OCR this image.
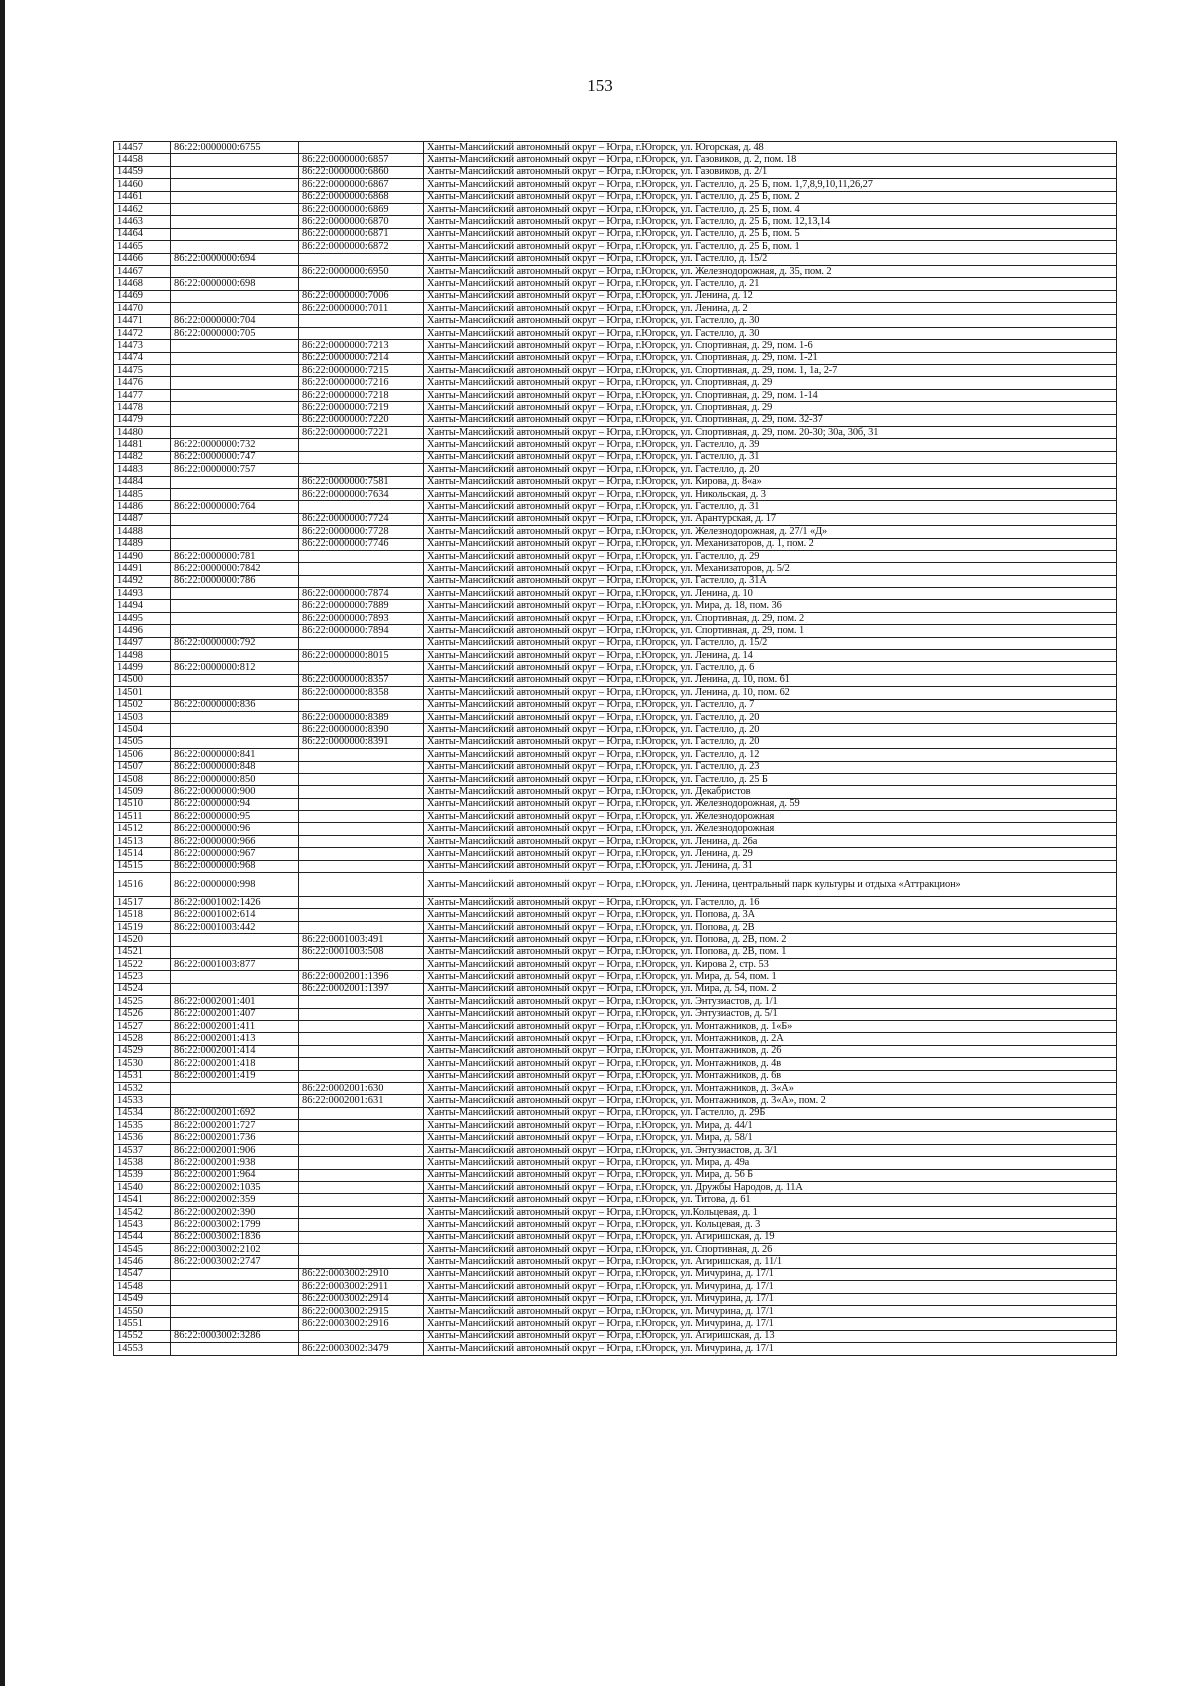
153
14457	86:22:0000000:6755		Ханты-Мансийский автономный округ – Югра, г.Югорск, ул. Югорская, д. 48
14458		86:22:0000000:6857	Ханты-Мансийский автономный округ – Югра, г.Югорск, ул. Газовиков, д. 2, пом. 18
14459		86:22:0000000:6860	Ханты-Мансийский автономный округ – Югра, г.Югорск, ул. Газовиков, д. 2/1
14460		86:22:0000000:6867	Ханты-Мансийский автономный округ – Югра, г.Югорск, ул. Гастелло, д. 25 Б, пом. 1,7,8,9,10,11,26,27
14461		86:22:0000000:6868	Ханты-Мансийский автономный округ – Югра, г.Югорск, ул. Гастелло, д. 25 Б, пом. 2
14462		86:22:0000000:6869	Ханты-Мансийский автономный округ – Югра, г.Югорск, ул. Гастелло, д. 25 Б, пом. 4
14463		86:22:0000000:6870	Ханты-Мансийский автономный округ – Югра, г.Югорск, ул. Гастелло, д. 25 Б, пом. 12,13,14
14464		86:22:0000000:6871	Ханты-Мансийский автономный округ – Югра, г.Югорск, ул. Гастелло, д. 25 Б, пом. 5
14465		86:22:0000000:6872	Ханты-Мансийский автономный округ – Югра, г.Югорск, ул. Гастелло, д. 25 Б, пом. 1
14466	86:22:0000000:694		Ханты-Мансийский автономный округ – Югра, г.Югорск, ул. Гастелло, д. 15/2
14467		86:22:0000000:6950	Ханты-Мансийский автономный округ – Югра, г.Югорск, ул. Железнодорожная, д. 35, пом. 2
14468	86:22:0000000:698		Ханты-Мансийский автономный округ – Югра, г.Югорск, ул. Гастелло, д. 21
14469		86:22:0000000:7006	Ханты-Мансийский автономный округ – Югра, г.Югорск, ул. Ленина, д. 12
14470		86:22:0000000:7011	Ханты-Мансийский автономный округ – Югра, г.Югорск, ул. Ленина, д. 2
14471	86:22:0000000:704		Ханты-Мансийский автономный округ – Югра, г.Югорск, ул. Гастелло, д. 30
14472	86:22:0000000:705		Ханты-Мансийский автономный округ – Югра, г.Югорск, ул. Гастелло, д. 30
14473		86:22:0000000:7213	Ханты-Мансийский автономный округ – Югра, г.Югорск, ул. Спортивная, д. 29, пом. 1-6
14474		86:22:0000000:7214	Ханты-Мансийский автономный округ – Югра, г.Югорск, ул. Спортивная, д. 29, пом. 1-21
14475		86:22:0000000:7215	Ханты-Мансийский автономный округ – Югра, г.Югорск, ул. Спортивная, д. 29, пом. 1, 1а, 2-7
14476		86:22:0000000:7216	Ханты-Мансийский автономный округ – Югра, г.Югорск, ул. Спортивная, д. 29
14477		86:22:0000000:7218	Ханты-Мансийский автономный округ – Югра, г.Югорск, ул. Спортивная, д. 29, пом. 1-14
14478		86:22:0000000:7219	Ханты-Мансийский автономный округ – Югра, г.Югорск, ул. Спортивная, д. 29
14479		86:22:0000000:7220	Ханты-Мансийский автономный округ – Югра, г.Югорск, ул. Спортивная, д. 29, пом. 32-37
14480		86:22:0000000:7221	Ханты-Мансийский автономный округ – Югра, г.Югорск, ул. Спортивная, д. 29, пом. 20-30; 30а, 30б, 31
14481	86:22:0000000:732		Ханты-Мансийский автономный округ – Югра, г.Югорск, ул. Гастелло, д. 39
14482	86:22:0000000:747		Ханты-Мансийский автономный округ – Югра, г.Югорск, ул. Гастелло, д. 31
14483	86:22:0000000:757		Ханты-Мансийский автономный округ – Югра, г.Югорск, ул. Гастелло, д. 20
14484		86:22:0000000:7581	Ханты-Мансийский автономный округ – Югра, г.Югорск, ул. Кирова, д. 8«а»
14485		86:22:0000000:7634	Ханты-Мансийский автономный округ – Югра, г.Югорск, ул. Никольская, д. 3
14486	86:22:0000000:764		Ханты-Мансийский автономный округ – Югра, г.Югорск, ул. Гастелло, д. 31
14487		86:22:0000000:7724	Ханты-Мансийский автономный округ – Югра, г.Югорск, ул. Арантурская, д. 17
14488		86:22:0000000:7728	Ханты-Мансийский автономный округ – Югра, г.Югорск, ул. Железнодорожная, д. 27/1 «Д»
14489		86:22:0000000:7746	Ханты-Мансийский автономный округ – Югра, г.Югорск, ул. Механизаторов, д. 1, пом. 2
14490	86:22:0000000:781		Ханты-Мансийский автономный округ – Югра, г.Югорск, ул. Гастелло, д. 29
14491	86:22:0000000:7842		Ханты-Мансийский автономный округ – Югра, г.Югорск, ул. Механизаторов, д. 5/2
14492	86:22:0000000:786		Ханты-Мансийский автономный округ – Югра, г.Югорск, ул. Гастелло, д. 31А
14493		86:22:0000000:7874	Ханты-Мансийский автономный округ – Югра, г.Югорск, ул. Ленина, д. 10
14494		86:22:0000000:7889	Ханты-Мансийский автономный округ – Югра, г.Югорск, ул. Мира, д. 18, пом. 36
14495		86:22:0000000:7893	Ханты-Мансийский автономный округ – Югра, г.Югорск, ул. Спортивная, д. 29, пом. 2
14496		86:22:0000000:7894	Ханты-Мансийский автономный округ – Югра, г.Югорск, ул. Спортивная, д. 29, пом. 1
14497	86:22:0000000:792		Ханты-Мансийский автономный округ – Югра, г.Югорск, ул. Гастелло, д. 15/2
14498		86:22:0000000:8015	Ханты-Мансийский автономный округ – Югра, г.Югорск, ул. Ленина, д. 14
14499	86:22:0000000:812		Ханты-Мансийский автономный округ – Югра, г.Югорск, ул. Гастелло, д. 6
14500		86:22:0000000:8357	Ханты-Мансийский автономный округ – Югра, г.Югорск, ул. Ленина, д. 10, пом. 61
14501		86:22:0000000:8358	Ханты-Мансийский автономный округ – Югра, г.Югорск, ул. Ленина, д. 10, пом. 62
14502	86:22:0000000:836		Ханты-Мансийский автономный округ – Югра, г.Югорск, ул. Гастелло, д. 7
14503		86:22:0000000:8389	Ханты-Мансийский автономный округ – Югра, г.Югорск, ул. Гастелло, д. 20
14504		86:22:0000000:8390	Ханты-Мансийский автономный округ – Югра, г.Югорск, ул. Гастелло, д. 20
14505		86:22:0000000:8391	Ханты-Мансийский автономный округ – Югра, г.Югорск, ул. Гастелло, д. 20
14506	86:22:0000000:841		Ханты-Мансийский автономный округ – Югра, г.Югорск, ул. Гастелло, д. 12
14507	86:22:0000000:848		Ханты-Мансийский автономный округ – Югра, г.Югорск, ул. Гастелло, д. 23
14508	86:22:0000000:850		Ханты-Мансийский автономный округ – Югра, г.Югорск, ул. Гастелло, д. 25 Б
14509	86:22:0000000:900		Ханты-Мансийский автономный округ – Югра, г.Югорск, ул. Декабристов
14510	86:22:0000000:94		Ханты-Мансийский автономный округ – Югра, г.Югорск, ул. Железнодорожная, д. 59
14511	86:22:0000000:95		Ханты-Мансийский автономный округ – Югра, г.Югорск, ул. Железнодорожная
14512	86:22:0000000:96		Ханты-Мансийский автономный округ – Югра, г.Югорск, ул. Железнодорожная
14513	86:22:0000000:966		Ханты-Мансийский автономный округ – Югра, г.Югорск, ул. Ленина, д. 26а
14514	86:22:0000000:967		Ханты-Мансийский автономный округ – Югра, г.Югорск, ул. Ленина, д. 29
14515	86:22:0000000:968		Ханты-Мансийский автономный округ – Югра, г.Югорск, ул. Ленина, д. 31
14516	86:22:0000000:998		Ханты-Мансийский автономный округ – Югра, г.Югорск, ул. Ленина, центральный парк культуры и отдыха «Аттракцион»
14517	86:22:0001002:1426		Ханты-Мансийский автономный округ – Югра, г.Югорск, ул. Гастелло, д. 16
14518	86:22:0001002:614		Ханты-Мансийский автономный округ – Югра, г.Югорск, ул. Попова, д. 3А
14519	86:22:0001003:442		Ханты-Мансийский автономный округ – Югра, г.Югорск, ул. Попова, д. 2В
14520		86:22:0001003:491	Ханты-Мансийский автономный округ – Югра, г.Югорск, ул. Попова, д. 2В, пом. 2
14521		86:22:0001003:508	Ханты-Мансийский автономный округ – Югра, г.Югорск, ул. Попова, д. 2В, пом. 1
14522	86:22:0001003:877		Ханты-Мансийский автономный округ – Югра, г.Югорск, ул. Кирова 2, стр. 53
14523		86:22:0002001:1396	Ханты-Мансийский автономный округ – Югра, г.Югорск, ул. Мира, д. 54, пом. 1
14524		86:22:0002001:1397	Ханты-Мансийский автономный округ – Югра, г.Югорск, ул. Мира, д. 54, пом. 2
14525	86:22:0002001:401		Ханты-Мансийский автономный округ – Югра, г.Югорск, ул. Энтузиастов, д. 1/1
14526	86:22:0002001:407		Ханты-Мансийский автономный округ – Югра, г.Югорск, ул. Энтузиастов, д. 5/1
14527	86:22:0002001:411		Ханты-Мансийский автономный округ – Югра, г.Югорск, ул. Монтажников, д. 1«Б»
14528	86:22:0002001:413		Ханты-Мансийский автономный округ – Югра, г.Югорск, ул. Монтажников, д. 2А
14529	86:22:0002001:414		Ханты-Мансийский автономный округ – Югра, г.Югорск, ул. Монтажников, д. 26
14530	86:22:0002001:418		Ханты-Мансийский автономный округ – Югра, г.Югорск, ул. Монтажников, д. 4в
14531	86:22:0002001:419		Ханты-Мансийский автономный округ – Югра, г.Югорск, ул. Монтажников, д. 6в
14532		86:22:0002001:630	Ханты-Мансийский автономный округ – Югра, г.Югорск, ул. Монтажников, д. 3«А»
14533		86:22:0002001:631	Ханты-Мансийский автономный округ – Югра, г.Югорск, ул. Монтажников, д. 3«А», пом. 2
14534	86:22:0002001:692		Ханты-Мансийский автономный округ – Югра, г.Югорск, ул. Гастелло, д. 29Б
14535	86:22:0002001:727		Ханты-Мансийский автономный округ – Югра, г.Югорск, ул. Мира, д. 44/1
14536	86:22:0002001:736		Ханты-Мансийский автономный округ – Югра, г.Югорск, ул. Мира, д. 58/1
14537	86:22:0002001:906		Ханты-Мансийский автономный округ – Югра, г.Югорск, ул. Энтузиастов, д. 3/1
14538	86:22:0002001:938		Ханты-Мансийский автономный округ – Югра, г.Югорск, ул. Мира, д. 49а
14539	86:22:0002001:964		Ханты-Мансийский автономный округ – Югра, г.Югорск, ул. Мира, д. 56 Б
14540	86:22:0002002:1035		Ханты-Мансийский автономный округ – Югра, г.Югорск, ул. Дружбы Народов, д. 11А
14541	86:22:0002002:359		Ханты-Мансийский автономный округ – Югра, г.Югорск, ул. Титова, д. 61
14542	86:22:0002002:390		Ханты-Мансийский автономный округ – Югра, г.Югорск, ул.Кольцевая, д. 1
14543	86:22:0003002:1799		Ханты-Мансийский автономный округ – Югра, г.Югорск, ул. Кольцевая, д. 3
14544	86:22:0003002:1836		Ханты-Мансийский автономный округ – Югра, г.Югорск, ул. Агиришская, д. 19
14545	86:22:0003002:2102		Ханты-Мансийский автономный округ – Югра, г.Югорск, ул. Спортивная, д. 26
14546	86:22:0003002:2747		Ханты-Мансийский автономный округ – Югра, г.Югорск, ул. Агиришская, д. 11/1
14547		86:22:0003002:2910	Ханты-Мансийский автономный округ – Югра, г.Югорск, ул. Мичурина, д. 17/1
14548		86:22:0003002:2911	Ханты-Мансийский автономный округ – Югра, г.Югорск, ул. Мичурина, д. 17/1
14549		86:22:0003002:2914	Ханты-Мансийский автономный округ – Югра, г.Югорск, ул. Мичурина, д. 17/1
14550		86:22:0003002:2915	Ханты-Мансийский автономный округ – Югра, г.Югорск, ул. Мичурина, д. 17/1
14551		86:22:0003002:2916	Ханты-Мансийский автономный округ – Югра, г.Югорск, ул. Мичурина, д. 17/1
14552	86:22:0003002:3286		Ханты-Мансийский автономный округ – Югра, г.Югорск, ул. Агиришская, д. 13
14553		86:22:0003002:3479	Ханты-Мансийский автономный округ – Югра, г.Югорск, ул. Мичурина, д. 17/1
